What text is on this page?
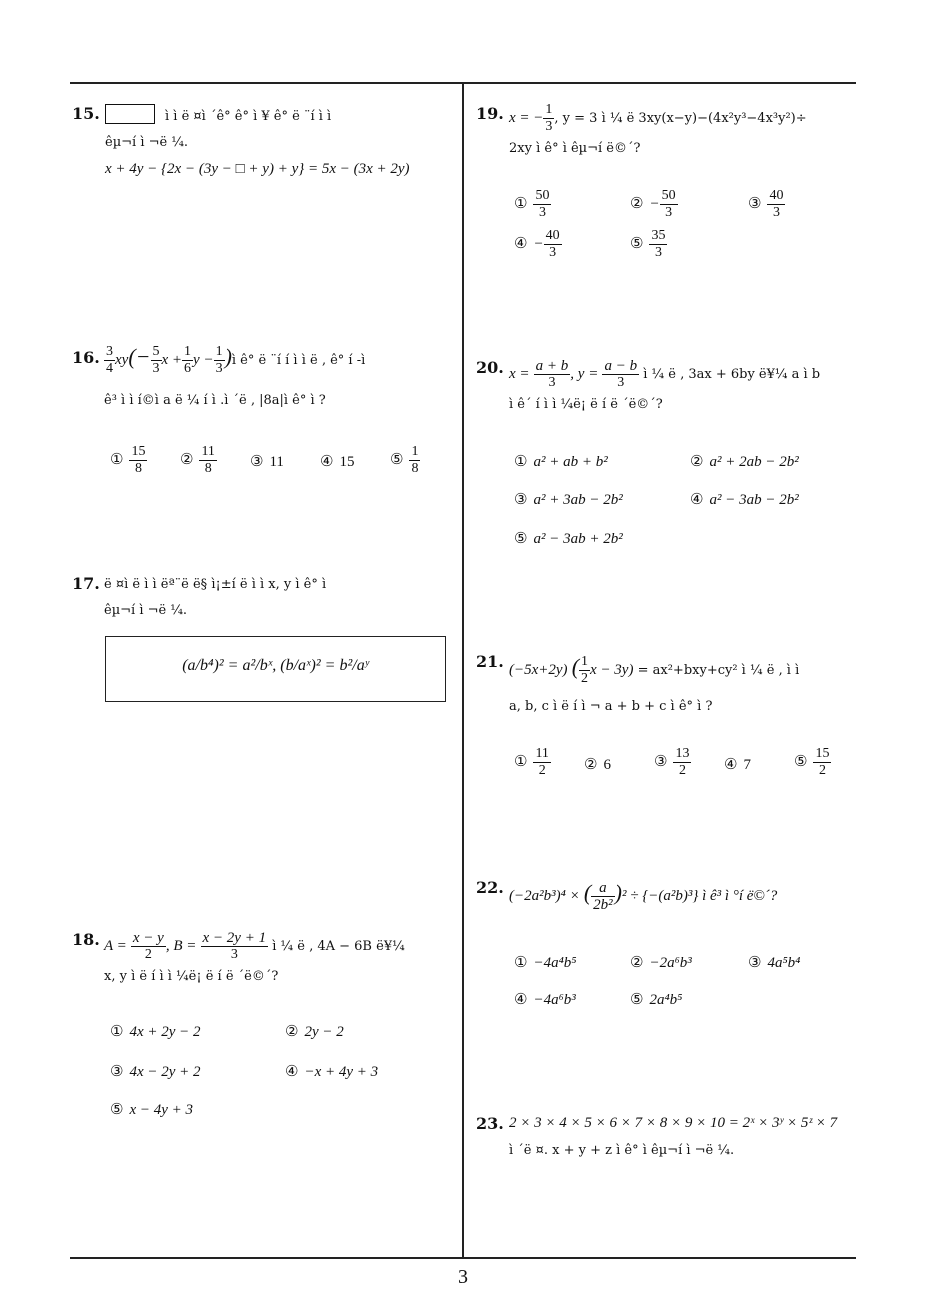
3
15.	ì ì ë ¤ì ´ê° ê° ì ¥ ê° ë ¨í ì ì
êµ¬í ì ¬ë ¼.
x + 4y − {2x − (3y − □ + y) + y} = 5x − (3x + 2y)
16. $\frac{3}{4} xy(- \frac{5}{3}$ $x + \frac{1}{6}$ $y - \frac{1}{3}$ )ì ê° ë ¨í í ì ì ë ‚ ê° í -ì
ê³ ì ì í©ì a ë ¼ í ì .ì ´ë ‚ |8a|ì ê° ì ?
① $\frac{15}{8}$ ② $\frac{11}{8}$ ③ 11 ④ 15 ⑤ $\frac{1}{8}$
17. ë ¤ì ë ì ì ëª¨ë ë§ ì¡±í ë ì ì x, y ì ê° ì
êµ¬í ì ¬ë ¼.
(a/b⁴)² = a²/bˣ, (b/aˣ)² = b²/aʸ
18. $A = \frac{x - y}{2}$ , $B = \frac{x - 2y + 1}{3}$ ì ¼ ë ‚ 4A − 6B ë¥¼
x, y ì ë í ì ì ¼ë¡ ë í ë ´ë©´?
① 4x + 2y − 2	② 2y − 2
③ 4x − 2y + 2	④ −x + 4y + 3
⑤ x − 4y + 3
19. x = − $\frac{1}{3}$ , y = 3 ì ¼ ë 3xy(x−y)−(4x²y³−4x³y²)÷
2xy ì ê° ì êµ¬í ë©´?
① $\frac{50}{3}$	② − $\frac{50}{3}$	③ $\frac{40}{3}$
④ − $\frac{40}{3}$	⑤ $\frac{35}{3}$
20. $x = \frac{a + b}{3}$ , $y = \frac{a - b}{3}$ ì ¼ ë ‚ 3ax + 6by ë¥¼ a ì b
ì ê´ í ì ì ¼ë¡ ë í ë ´ë©´?
① a² + ab + b²	② a² + 2ab − 2b²
③ a² + 3ab − 2b²	④ a² − 3ab − 2b²
⑤ a² − 3ab + 2b²
21. (−5x+2y) ( $\frac{1}{2}$ x − 3y) = ax²+bxy+cy² ì ¼ ë ‚ ì ì
a, b, c ì ë í ì ¬ a + b + c ì ê° ì ?
① $\frac{11}{2}$ ② 6	③ $\frac{13}{2}$ ④ 7	⑤ $\frac{15}{2}$
22. (−2a²b³)⁴ × ( $\frac{a}{\text{2b²}} )^2 \div \{-(a^2b)^3\}$ ì ê³ ì °í ë©´?
① −4a⁴b⁵	② −2a⁶b³	③ 4a⁵b⁴
④ −4a⁶b³	⑤ 2a⁴b⁵
23. 2 × 3 × 4 × 5 × 6 × 7 × 8 × 9 × 10 = 2ˣ × 3ʸ × 5ᶻ × 7
ì ´ë ¤. x + y + z ì ê° ì êµ¬í ì ¬ë ¼.
